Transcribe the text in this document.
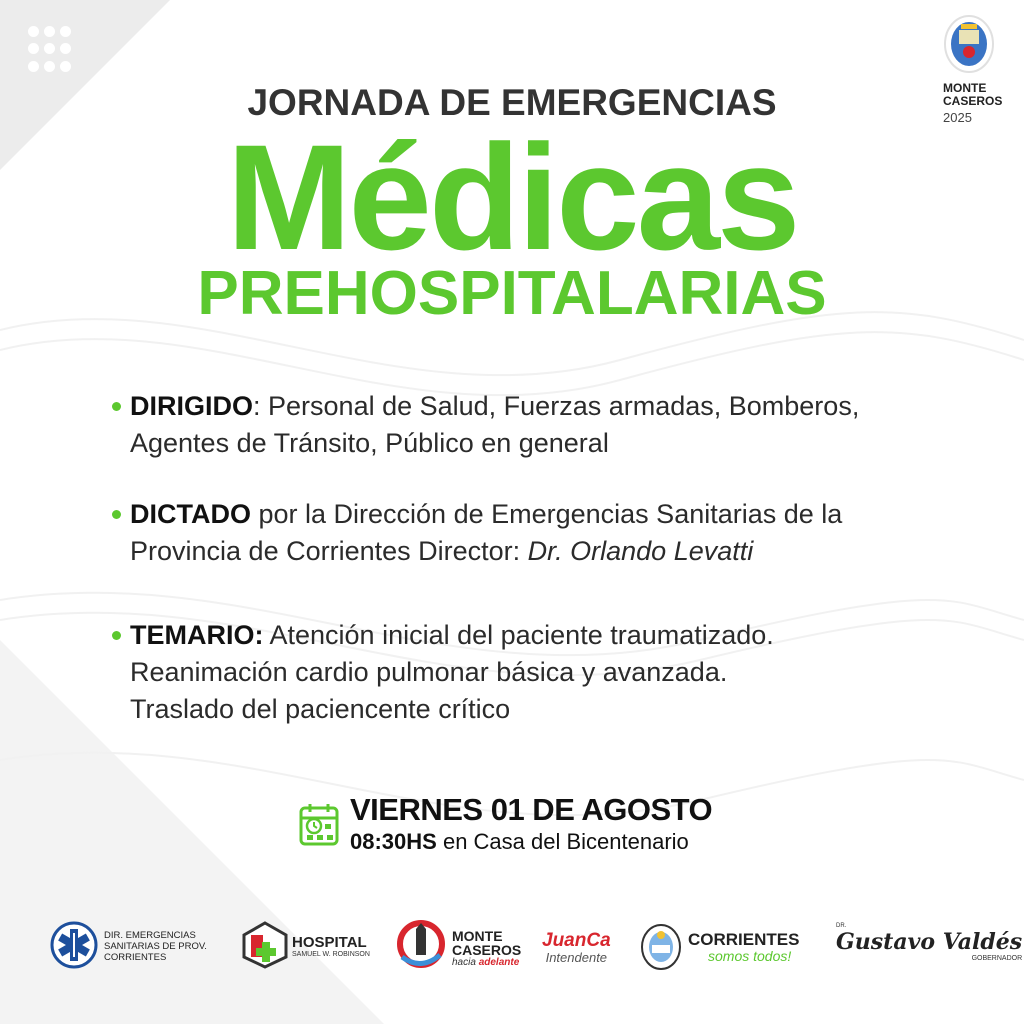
MONTE
CASEROS
2025
JORNADA DE EMERGENCIAS
Médicas
PREHOSPITALARIAS
DIRIGIDO: Personal de Salud, Fuerzas armadas, Bomberos,
Agentes de Tránsito, Público en general
DICTADO por la Dirección de Emergencias Sanitarias de la
Provincia de Corrientes Director: Dr. Orlando Levatti
TEMARIO: Atención inicial del paciente traumatizado.
Reanimación cardio pulmonar básica y avanzada.
Traslado del paciencente crítico
VIERNES 01 DE AGOSTO
08:30HS en Casa del Bicentenario
DIR. EMERGENCIAS
SANITARIAS DE PROV.
CORRIENTES
HOSPITAL
SAMUEL W. ROBINSON
MONTE
CASEROS
hacia adelante
JuanCa
Intendente
CORRIENTES
somos todos!
DR.
Gustavo Valdés
GOBERNADOR
